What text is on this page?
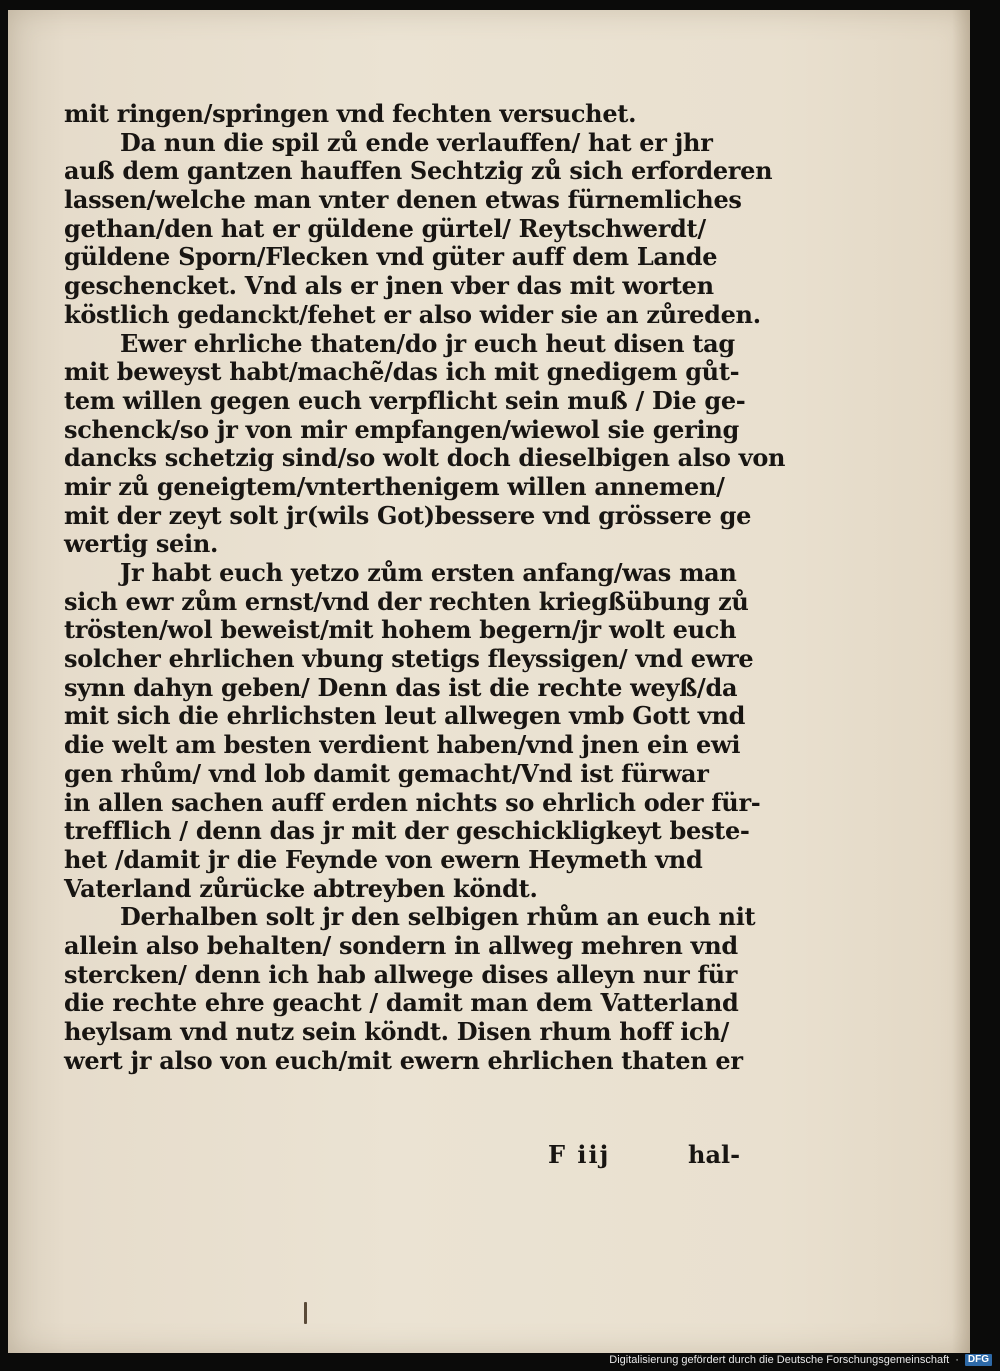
mit ringen/springen vnd fechten versuchet.
Da nun die spil zů ende verlauffen/ hat er jhr
auß dem gantzen hauffen Sechtzig zů sich erforderen
lassen/welche man vnter denen etwas fürnemliches
gethan/den hat er güldene gürtel/ Reytschwerdt/
güldene Sporn/Flecken vnd güter auff dem Lande
geschencket. Vnd als er jnen vber das mit worten
köstlich gedanckt/fehet er also wider sie an zůreden.
Ewer ehrliche thaten/do jr euch heut disen tag
mit beweyst habt/machẽ/das ich mit gnedigem gůt-
tem willen gegen euch verpflicht sein muß / Die ge-
schenck/so jr von mir empfangen/wiewol sie gering
dancks schetzig sind/so wolt doch dieselbigen also von
mir zů geneigtem/vnterthenigem willen annemen/
mit der zeyt solt jr(wils Got)bessere vnd grössere ge
wertig sein.
Jr habt euch yetzo zům ersten anfang/was man
sich ewr zům ernst/vnd der rechten kriegßübung zů
trösten/wol beweist/mit hohem begern/jr wolt euch
solcher ehrlichen vbung stetigs fleyssigen/ vnd ewre
synn dahyn geben/ Denn das ist die rechte weyß/da
mit sich die ehrlichsten leut allwegen vmb Gott vnd
die welt am besten verdient haben/vnd jnen ein ewi
gen rhům/ vnd lob damit gemacht/Vnd ist fürwar
in allen sachen auff erden nichts so ehrlich oder für-
trefflich / denn das jr mit der geschickligkeyt beste-
het /damit jr die Feynde von ewern Heymeth vnd
Vaterland zůrücke abtreyben köndt.
Derhalben solt jr den selbigen rhům an euch nit
allein also behalten/ sondern in allweg mehren vnd
stercken/ denn ich hab allwege dises alleyn nur für
die rechte ehre geacht / damit man dem Vatterland
heylsam vnd nutz sein köndt. Disen rhum hoff ich/
wert jr also von euch/mit ewern ehrlichen thaten er
F iij	hal-
Digitalisierung gefördert durch die Deutsche Forschungsgemeinschaft · DFG
